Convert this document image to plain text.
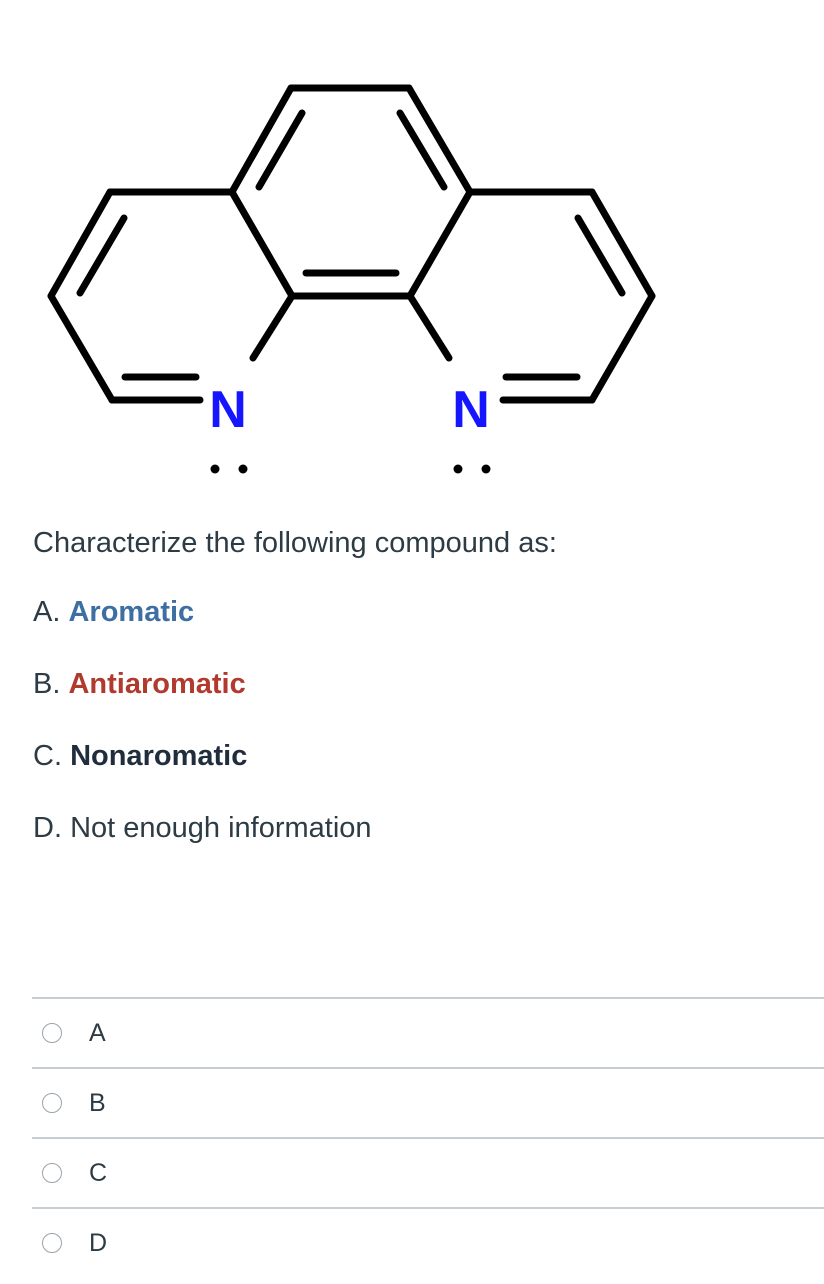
N	N

Characterize the following compound as:

A. Aromatic

B. Antiaromatic

C. Nonaromatic

D. Not enough information

A
B
C
D
